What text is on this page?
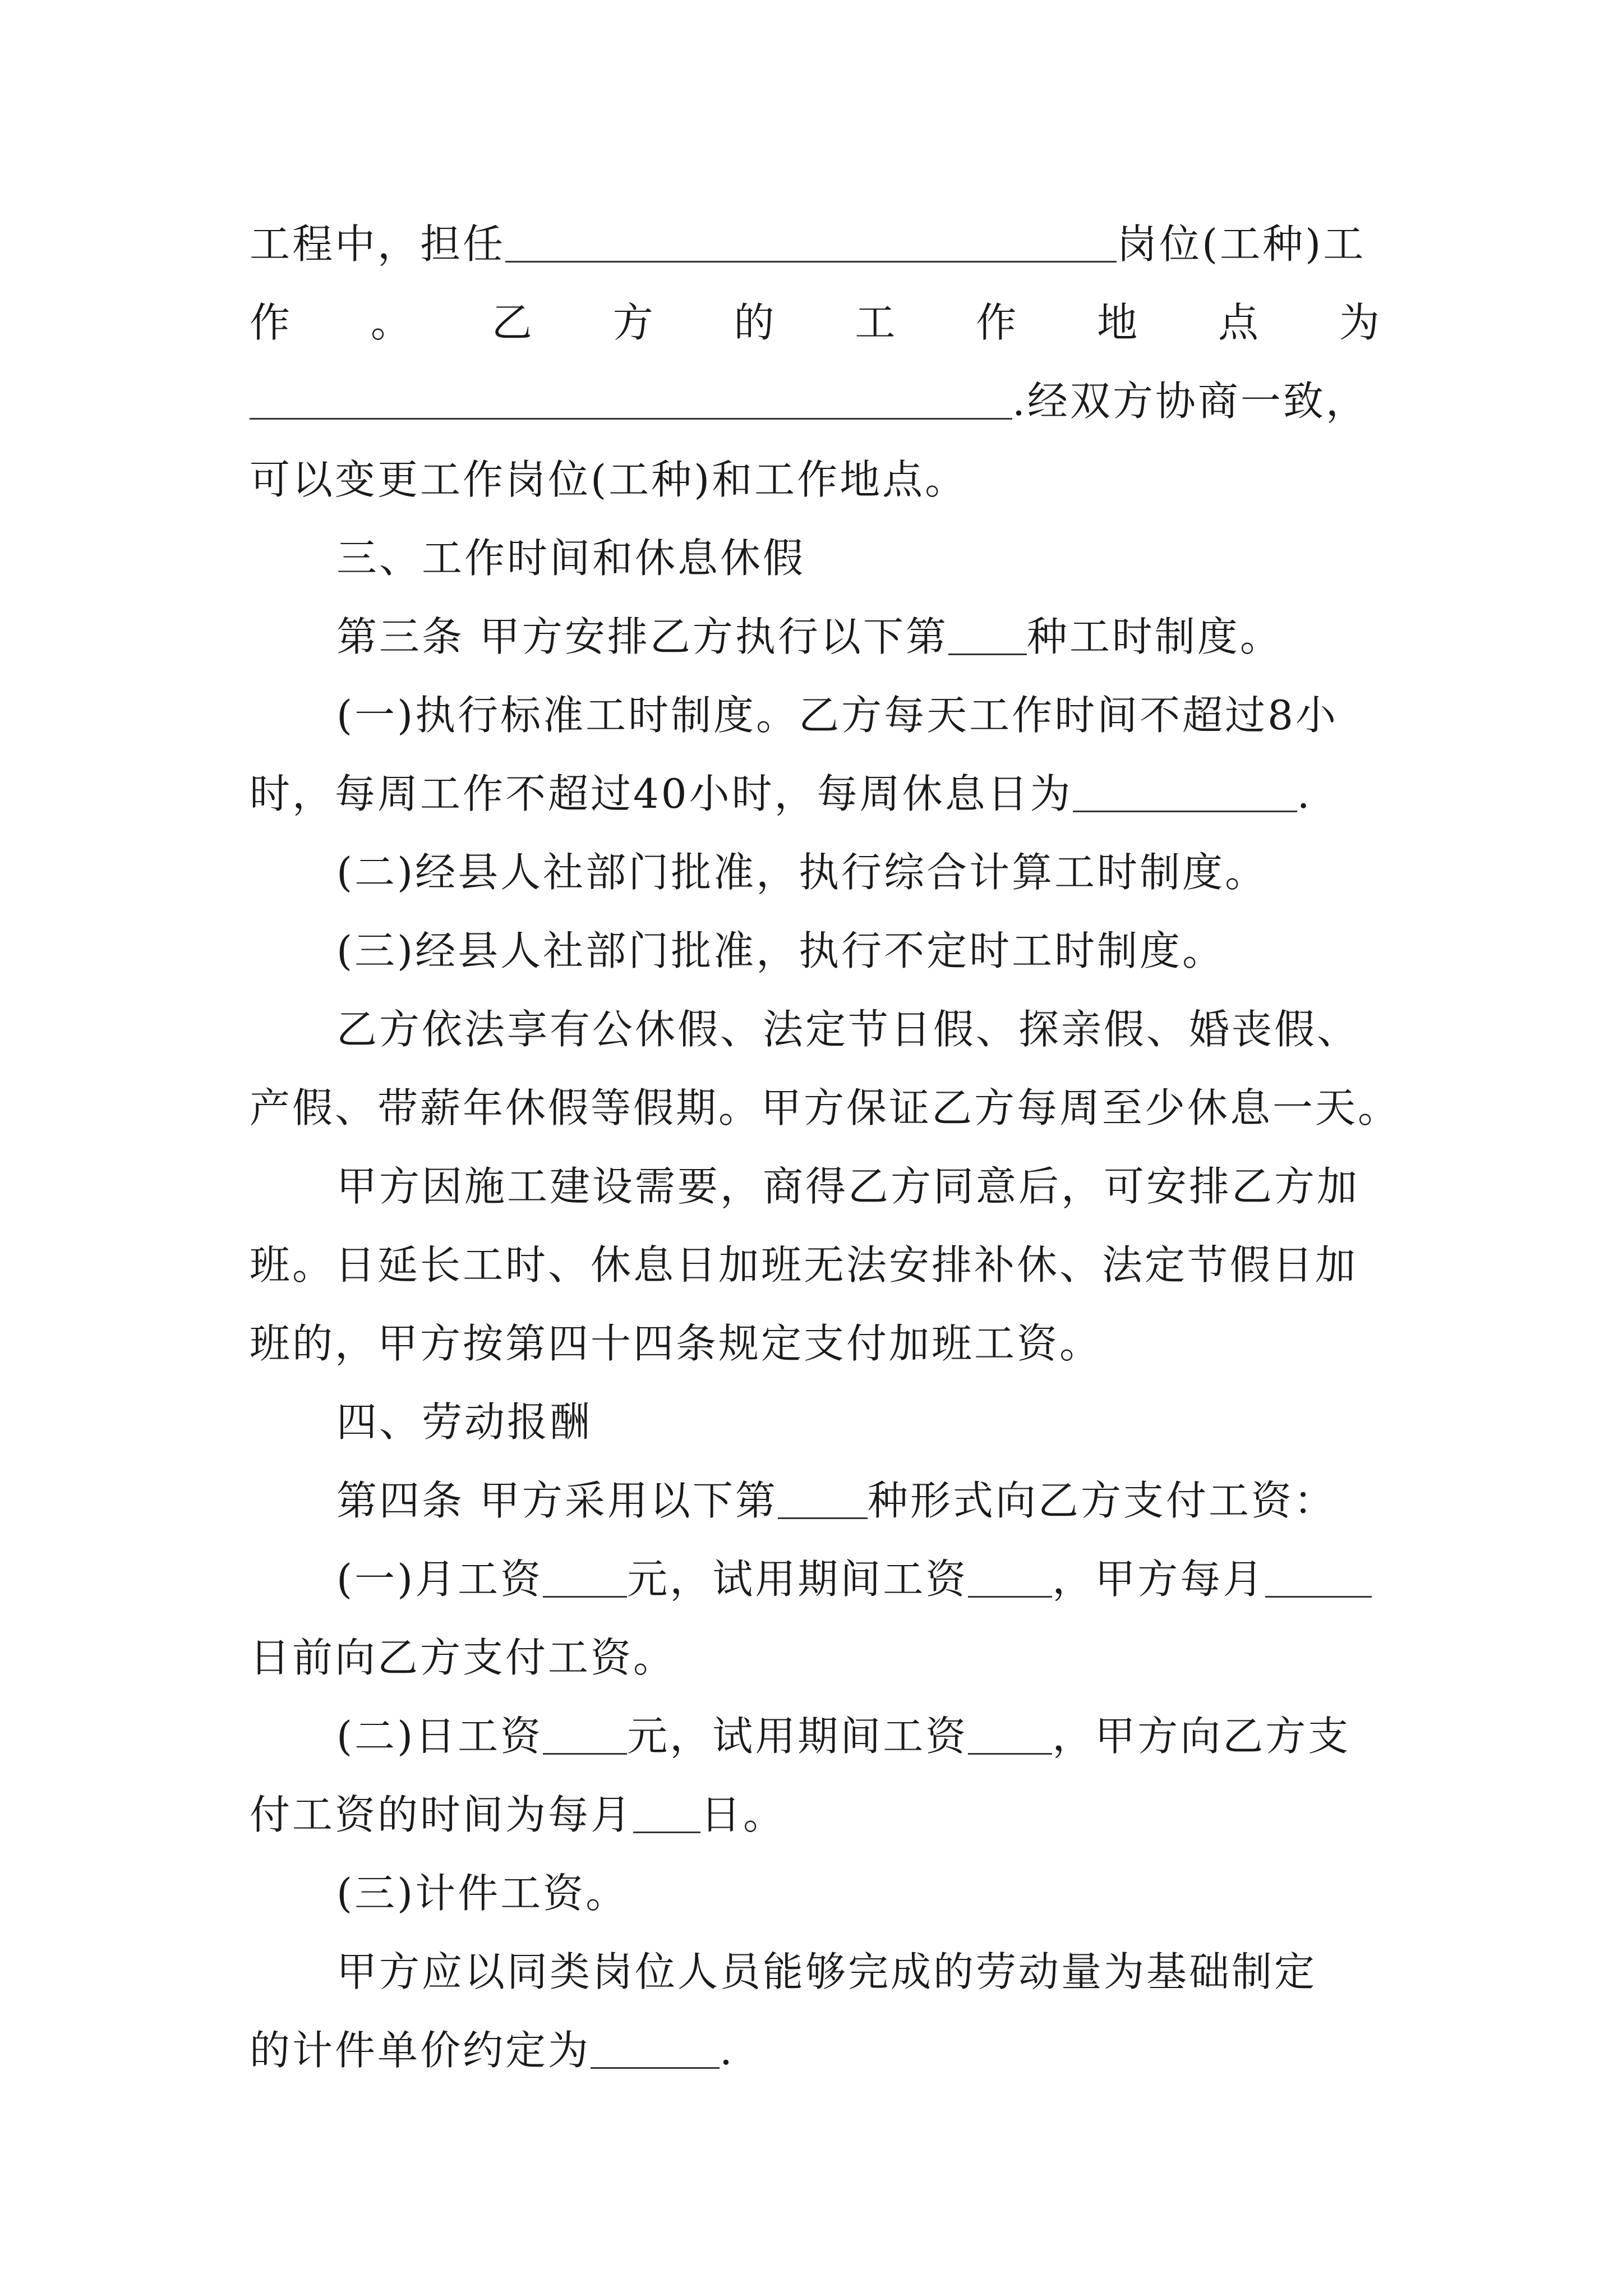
工程中，担任	岗位(工种)工
作 。 乙 方 的 工 作 地 点 为
.经双方协商一致，
可以变更工作岗位(工种)和工作地点。
三、工作时间和休息休假
第三条 甲方安排乙方执行以下第 种工时制度。
(一)执行标准工时制度。乙方每天工作时间不超过8小
时，每周工作不超过40小时，每周休息日为	.
(二)经县人社部门批准，执行综合计算工时制度。
(三)经县人社部门批准，执行不定时工时制度。
乙方依法享有公休假、法定节日假、探亲假、婚丧假、
产假、带薪年休假等假期。甲方保证乙方每周至少休息一天。
甲方因施工建设需要，商得乙方同意后，可安排乙方加
班。日延长工时、休息日加班无法安排补休、法定节假日加
班的，甲方按第四十四条规定支付加班工资。
四、劳动报酬
第四条 甲方采用以下第 种形式向乙方支付工资：
(一)月工资 元，试用期间工资 ，甲方每月
日前向乙方支付工资。
(二)日工资 元，试用期间工资 ，甲方向乙方支
付工资的时间为每月 日。
(三)计件工资。
甲方应以同类岗位人员能够完成的劳动量为基础制定
的计件单价约定为	.
